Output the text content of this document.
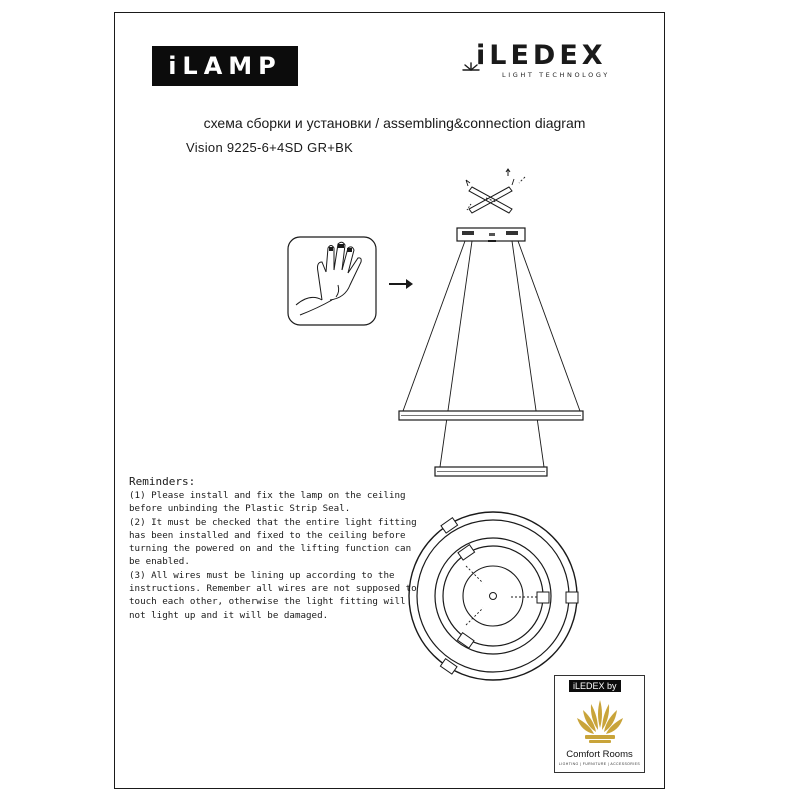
iLAMP	iLEDEX
LIGHT TECHNOLOGY
схема сборки и установки / assembling&connection diagram
Vision 9225-6+4SD GR+BK
Reminders:
(1) Please install and fix the lamp on the ceiling before unbinding the Plastic Strip Seal.
(2) It must be checked that the entire light fitting has been installed and fixed to the ceiling before turning the powered on and the lifting function can be enabled.
(3) All wires must be lining up according to the instructions. Remember all wires are not supposed to touch each other, otherwise the light fitting will not light up and it will be damaged.
iLEDEX by
Comfort Rooms
LIGHTING | FURNITURE | ACCESSORIES
